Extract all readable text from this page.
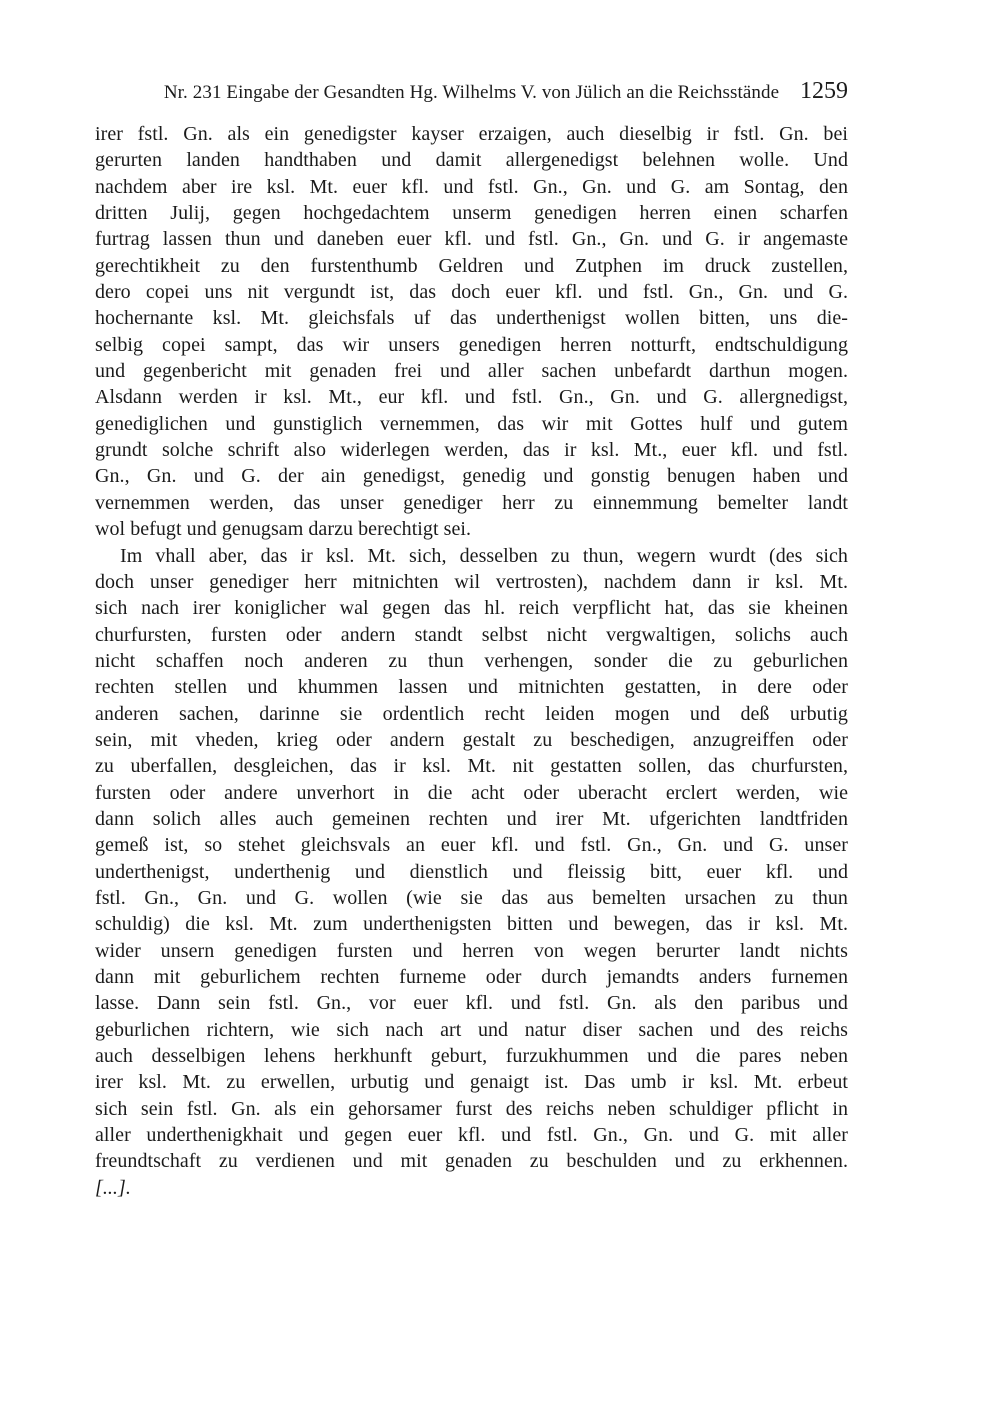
Nr. 231 Eingabe der Gesandten Hg. Wilhelms V. von Jülich an die Reichsstände 1259
irer fstl. Gn. als ein genedigster kayser erzaigen, auch dieselbig ir fstl. Gn. bei
gerurten landen handthaben und damit allergenedigst belehnen wolle. Und
nachdem aber ire ksl. Mt. euer kfl. und fstl. Gn., Gn. und G. am Sontag, den
dritten Julij, gegen hochgedachtem unserm genedigen herren einen scharfen
furtrag lassen thun und daneben euer kfl. und fstl. Gn., Gn. und G. ir angemaste
gerechtikheit zu den furstenthumb Geldren und Zutphen im druck zustellen,
dero copei uns nit vergundt ist, das doch euer kfl. und fstl. Gn., Gn. und G.
hochernante ksl. Mt. gleichsfals uf das underthenigst wollen bitten, uns die-
selbig copei sampt, das wir unsers genedigen herren notturft, endtschuldigung
und gegenbericht mit genaden frei und aller sachen unbefardt darthun mogen.
Alsdann werden ir ksl. Mt., eur kfl. und fstl. Gn., Gn. und G. allergnedigst,
genediglichen und gunstiglich vernemmen, das wir mit Gottes hulf und gutem
grundt solche schrift also widerlegen werden, das ir ksl. Mt., euer kfl. und fstl.
Gn., Gn. und G. der ain genedigst, genedig und gonstig benugen haben und
vernemmen werden, das unser genediger herr zu einnemmung bemelter landt
wol befugt und genugsam darzu berechtigt sei.
Im vhall aber, das ir ksl. Mt. sich, desselben zu thun, wegern wurdt (des sich
doch unser genediger herr mitnichten wil vertrosten), nachdem dann ir ksl. Mt.
sich nach irer koniglicher wal gegen das hl. reich verpflicht hat, das sie kheinen
churfursten, fursten oder andern standt selbst nicht vergwaltigen, solichs auch
nicht schaffen noch anderen zu thun verhengen, sonder die zu geburlichen
rechten stellen und khummen lassen und mitnichten gestatten, in dere oder
anderen sachen, darinne sie ordentlich recht leiden mogen und deß urbutig
sein, mit vheden, krieg oder andern gestalt zu beschedigen, anzugreiffen oder
zu uberfallen, desgleichen, das ir ksl. Mt. nit gestatten sollen, das churfursten,
fursten oder andere unverhort in die acht oder uberacht erclert werden, wie
dann solich alles auch gemeinen rechten und irer Mt. ufgerichten landtfriden
gemeß ist, so stehet gleichsvals an euer kfl. und fstl. Gn., Gn. und G. unser
underthenigst, underthenig und dienstlich und fleissig bitt, euer kfl. und
fstl. Gn., Gn. und G. wollen (wie sie das aus bemelten ursachen zu thun
schuldig) die ksl. Mt. zum underthenigsten bitten und bewegen, das ir ksl. Mt.
wider unsern genedigen fursten und herren von wegen berurter landt nichts
dann mit geburlichem rechten furneme oder durch jemandts anders furnemen
lasse. Dann sein fstl. Gn., vor euer kfl. und fstl. Gn. als den paribus und
geburlichen richtern, wie sich nach art und natur diser sachen und des reichs
auch desselbigen lehens herkhunft geburt, furzukhummen und die pares neben
irer ksl. Mt. zu erwellen, urbutig und genaigt ist. Das umb ir ksl. Mt. erbeut
sich sein fstl. Gn. als ein gehorsamer furst des reichs neben schuldiger pflicht in
aller underthenigkhait und gegen euer kfl. und fstl. Gn., Gn. und G. mit aller
freundtschaft zu verdienen und mit genaden zu beschulden und zu erkhennen.
[...].
